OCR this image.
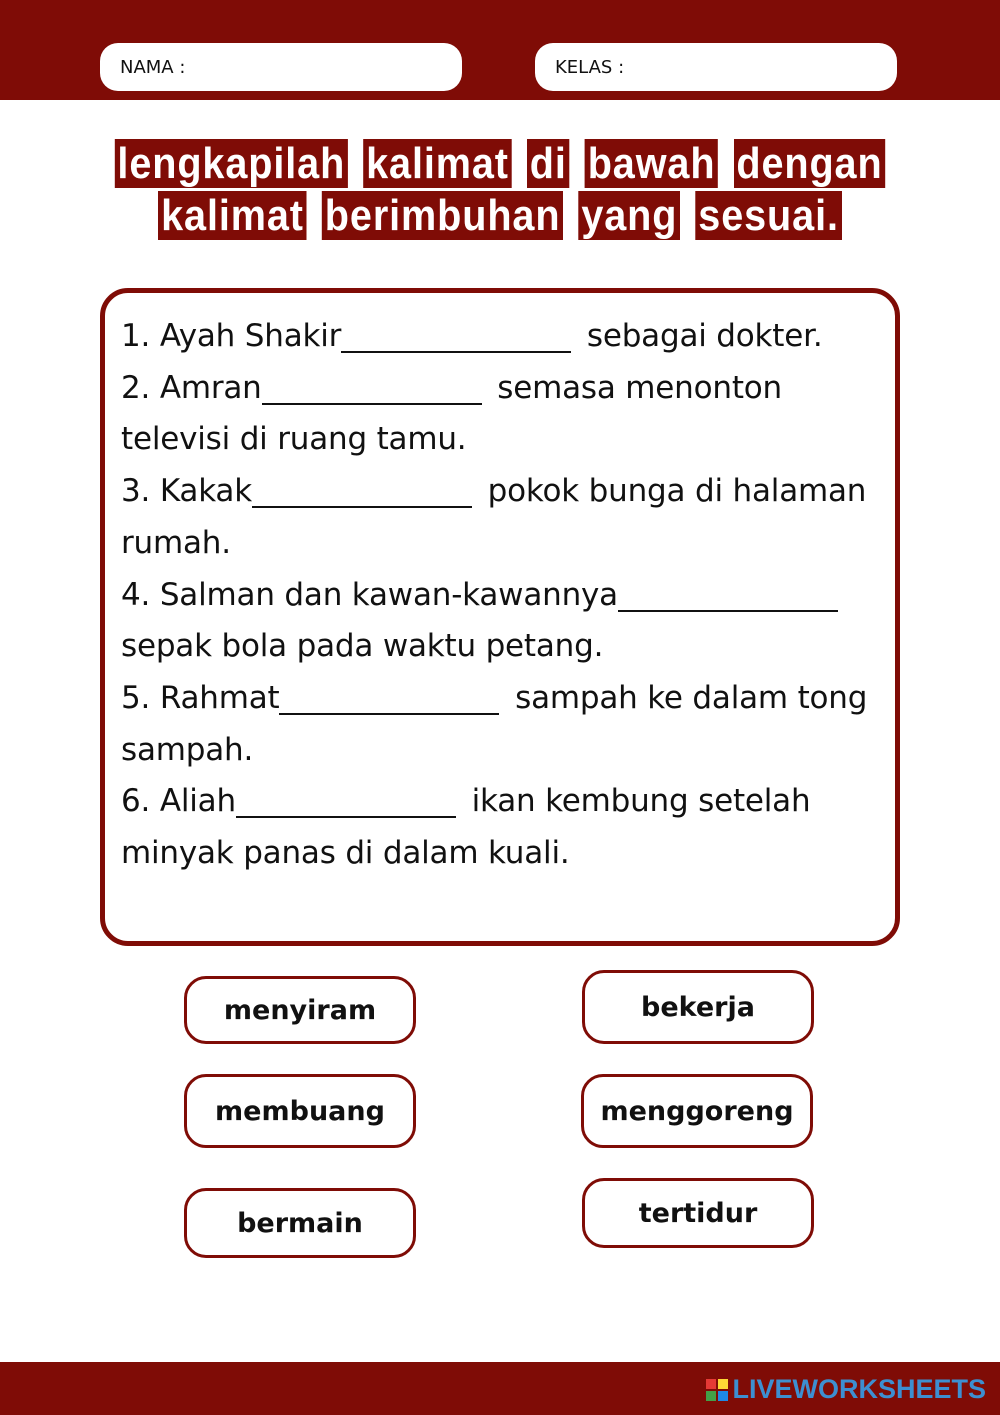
NAMA :	KELAS :
lengkapilah kalimat di bawah dengan
kalimat berimbuhan yang sesuai.
1. Ayah Shakir	sebagai dokter.
2. Amran	semasa menonton televisi di ruang tamu.
3. Kakak	pokok bunga di halaman rumah.
4. Salman dan kawan-kawannya sepak bola pada waktu petang.
5. Rahmat	sampah ke dalam tong sampah.
6. Aliah	ikan kembung setelah minyak panas di dalam kuali.
menyiram	bekerja
membuang	menggoreng
bermain	tertidur
LIVEWORKSHEETS
